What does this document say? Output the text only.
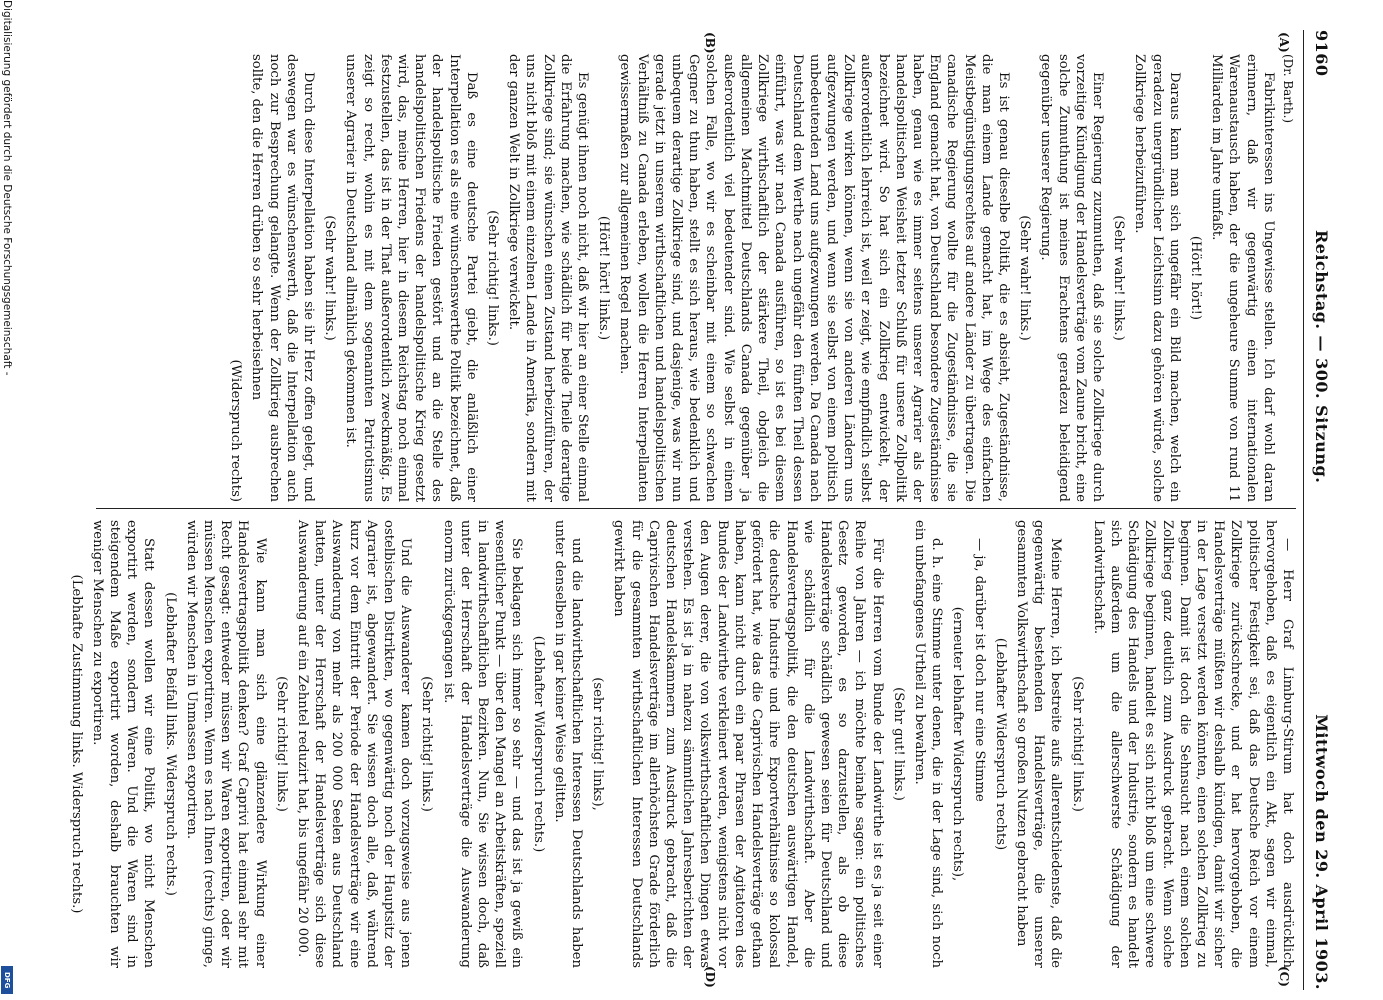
Digitalisierung gefördert durch die Deutsche Forschungsgemeinschaft -
DFG
9160
Reichstag. — 300. Sitzung.
Mittwoch den 29. April 1903.
(A)
(B)
(C)
(D)
(Dr. Barth.)

Fabrikinteressen ins Ungewisse stellen. Ich darf wohl daran erinnern, daß wir gegenwärtig einen internationalen Warenaustausch haben, der die ungeheure Summe von rund 11 Milliarden im Jahre umfaßt.

(Hört! hört!)

Daraus kann man sich ungefähr ein Bild machen, welch ein geradezu unergründlicher Leichtsinn dazu gehören würde, solche Zollkriege herbeizuführen.

(Sehr wahr! links.)

Einer Regierung zuzumuthen, daß sie solche Zollkriege durch vorzeitige Kündigung der Handelsverträge vom Zaune bricht, eine solche Zumuthung ist meines Erachtens geradezu beleidigend gegenüber unserer Regierung.

(Sehr wahr! links.)

Es ist genau dieselbe Politik, die es absieht, Zugeständnisse, die man einem Lande gemacht hat, im Wege des einfachen Meistbegünstigungsrechtes auf andere Länder zu übertragen. Die canadische Regierung wollte für die Zugeständnisse, die sie England gemacht hat, von Deutschland besondere Zugeständnisse haben, genau wie es immer seitens unserer Agrarier als der handelspolitischen Weisheit letzter Schluß für unsere Zollpolitik bezeichnet wird. So hat sich ein Zollkrieg entwickelt, der außerordentlich lehrreich ist, weil er zeigt, wie empfindlich selbst Zollkriege wirken können, wenn sie von anderen Ländern uns aufgezwungen werden, und wenn sie selbst von einem politisch unbedeutenden Land uns aufgezwungen werden. Da Canada nach Deutschland dem Werthe nach ungefähr den fünften Theil dessen einführt, was wir nach Canada ausführen, so ist es bei diesem Zollkriege wirthschaftlich der stärkere Theil, obgleich die allgemeinen Machtmittel Deutschlands Canada gegenüber ja außerordentlich viel bedeutender sind. Wie selbst in einem solchen Falle, wo wir es scheinbar mit einem so schwachen Gegner zu thun haben, stellt es sich heraus, wie bedenklich und unbequem derartige Zollkriege sind, und dasjenige, was wir nun gerade jetzt in unserem wirthschaftlichen und handelspolitischen Verhältniß zu Canada erleben, wollen die Herren Interpellanten gewissermaßen zur allgemeinen Regel machen.

(Hört! hört! links.)

Es genügt ihnen noch nicht, daß wir hier an einer Stelle einmal die Erfahrung machen, wie schädlich für beide Theile derartige Zollkriege sind; sie wünschen einen Zustand herbeizuführen, der uns nicht bloß mit einem einzelnen Lande in Amerika, sondern mit der ganzen Welt in Zollkriege verwickelt.

(Sehr richtig! links.)

Daß es eine deutsche Partei giebt, die anläßlich einer Interpellation es als eine wünschenswerthe Politik bezeichnet, daß der handelspolitische Frieden gestört und an die Stelle des handelspolitischen Friedens der handelspolitische Krieg gesetzt wird, das, meine Herren, hier in diesem Reichstag noch einmal festzustellen, das ist in der That außerordentlich zweckmäßig. Es zeigt so recht, wohin es mit dem sogenannten Patriotismus unserer Agrarier in Deutschland allmählich gekommen ist.

(Sehr wahr! links.)

Durch diese Interpellation haben sie ihr Herz offen gelegt, und deswegen war es wünschenswerth, daß die Interpellation auch noch zur Besprechung gelangte. Wenn der Zollkrieg ausbrechen sollte, den die Herren drüben so sehr herbeisehnen

(Widerspruch rechts)

— Herr Graf Limburg-Stirum hat doch ausdrücklich hervorgehoben, daß es eigentlich ein Akt, sagen wir einmal, politischer Festigkeit sei, daß das Deutsche Reich vor einem Zollkriege zurückschrecke, und er hat hervorgehoben, die Handelsverträge müßten wir deshalb kündigen, damit wir sicher in der Lage versetzt werden könnten, einen solchen Zollkrieg zu beginnen. Damit ist doch die Sehnsucht nach einem solchen Zollkrieg ganz deutlich zum Ausdruck gebracht. Wenn solche Zollkriege beginnen, handelt es sich nicht bloß um eine schwere Schädigung des Handels und der Industrie, sondern es handelt sich außerdem um die allerschwerste Schädigung der Landwirthschaft.

(Sehr richtig! links.)

Meine Herren, ich bestreite aufs allerentschiedenste, daß die gegenwärtig bestehenden Handelsverträge, die unserer gesammten Volkswirthschaft so großen Nutzen gebracht haben

(Lebhafter Widerspruch rechts)

— ja, darüber ist doch nur eine Stimme

(erneuter lebhafter Widerspruch rechts),

d. h. eine Stimme unter denen, die in der Lage sind, sich noch ein unbefangenes Urtheil zu bewahren.

(Sehr gut! links.)

Für die Herren vom Bunde der Landwirthe ist es ja seit einer Reihe von Jahren — ich möchte beinahe sagen: ein politisches Gesetz geworden, es so darzustellen, als ob diese Handelsverträge schädlich gewesen seien für Deutschland und wie schädlich für die Landwirthschaft. Aber die Handelsvertragspolitik, die den deutschen auswärtigen Handel, die deutsche Industrie und ihre Exportverhältnisse so kolossal gefördert hat, wie das die Caprivischen Handelsverträge gethan haben, kann nicht durch ein paar Phrasen der Agitatoren des Bundes der Landwirthe verkleinert werden, wenigstens nicht vor den Augen derer, die von volkswirthschaftlichen Dingen etwas verstehen. Es ist ja in nahezu sämmtlichen Jahresberichten der deutschen Handelskammern zum Ausdruck gebracht, daß die Caprivischen Handelsverträge im allerhöchsten Grade förderlich für die gesammten wirthschaftlichen Interessen Deutschlands gewirkt haben

(sehr richtig! links),

und die landwirthschaftlichen Interessen Deutschlands haben unter denselben in gar keiner Weise gelitten.

(Lebhafter Widerspruch rechts.)

Sie beklagen sich immer so sehr — und das ist ja gewiß ein wesentlicher Punkt — über den Mangel an Arbeitskräften, speziell in landwirthschaftlichen Bezirken. Nun, Sie wissen doch, daß unter der Herrschaft der Handelsverträge die Auswanderung enorm zurückgegangen ist.

(Sehr richtig! links.)

Und die Auswanderer kamen doch vorzugsweise aus jenen ostelbischen Distrikten, wo gegenwärtig noch der Hauptsitz der Agrarier ist, abgewandert. Sie wissen doch alle, daß, während kurz vor dem Eintritt der Periode der Handelsverträge wir eine Auswanderung von mehr als 200 000 Seelen aus Deutschland hatten, unter der Herrschaft der Handelsverträge sich diese Auswanderung auf ein Zehntel reduzirt hat, bis ungefähr 20 000.

(Sehr richtig! links.)

Wie kann man sich eine glänzendere Wirkung einer Handelsvertragspolitik denken? Graf Caprivi hat einmal sehr mit Recht gesagt: entweder müssen wir Waren exportiren, oder wir müssen Menschen exportiren. Wenn es nach Ihnen (rechts) ginge, würden wir Menschen in Unmassen exportiren.

(Lebhafter Beifall links. Widerspruch rechts.)

Statt dessen wollen wir eine Politik, wo nicht Menschen exportirt werden, sondern Waren. Und die Waren sind in steigendem Maße exportirt worden, deshalb brauchten wir weniger Menschen zu exportiren.

(Lebhafte Zustimmung links. Widerspruch rechts.)
